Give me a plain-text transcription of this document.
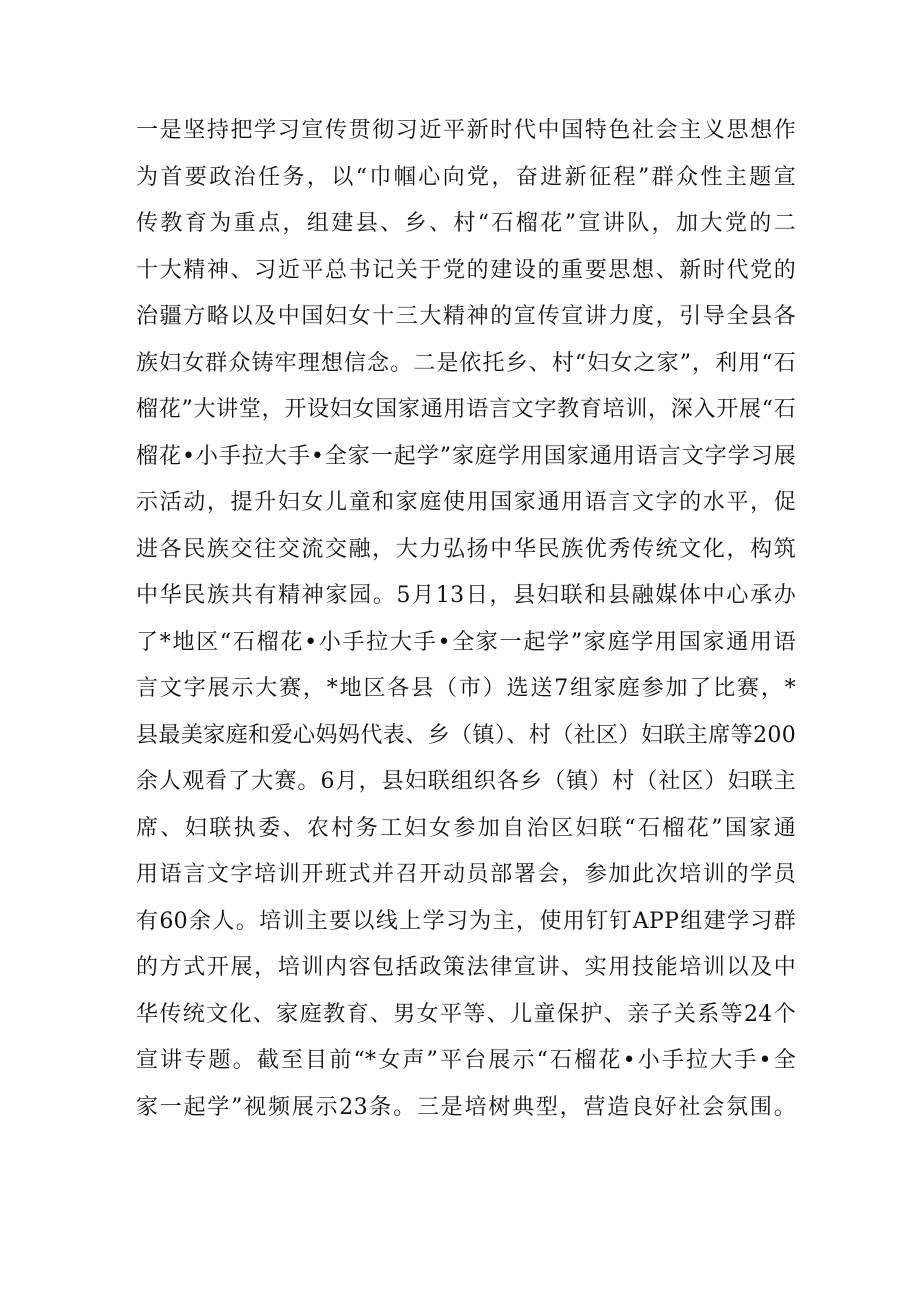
一是坚持把学习宣传贯彻习近平新时代中国特色社会主义思想作
为首要政治任务，以“巾帼心向党，奋进新征程”群众性主题宣
传教育为重点，组建县、乡、村“石榴花”宣讲队，加大党的二
十大精神、习近平总书记关于党的建设的重要思想、新时代党的
治疆方略以及中国妇女十三大精神的宣传宣讲力度，引导全县各
族妇女群众铸牢理想信念。二是依托乡、村“妇女之家”，利用“石
榴花”大讲堂，开设妇女国家通用语言文字教育培训，深入开展“石
榴花•小手拉大手•全家一起学”家庭学用国家通用语言文字学习展
示活动，提升妇女儿童和家庭使用国家通用语言文字的水平，促
进各民族交往交流交融，大力弘扬中华民族优秀传统文化，构筑
中华民族共有精神家园。5月13日，县妇联和县融媒体中心承办
了*地区“石榴花•小手拉大手•全家一起学”家庭学用国家通用语
言文字展示大赛，*地区各县（市）选送7组家庭参加了比赛，*
县最美家庭和爱心妈妈代表、乡（镇）、村（社区）妇联主席等200
余人观看了大赛。6月，县妇联组织各乡（镇）村（社区）妇联主
席、妇联执委、农村务工妇女参加自治区妇联“石榴花”国家通
用语言文字培训开班式并召开动员部署会，参加此次培训的学员
有60余人。培训主要以线上学习为主，使用钉钉APP组建学习群
的方式开展，培训内容包括政策法律宣讲、实用技能培训以及中
华传统文化、家庭教育、男女平等、儿童保护、亲子关系等24个
宣讲专题。截至目前“*女声”平台展示“石榴花•小手拉大手•全
家一起学”视频展示23条。三是培树典型，营造良好社会氛围。
